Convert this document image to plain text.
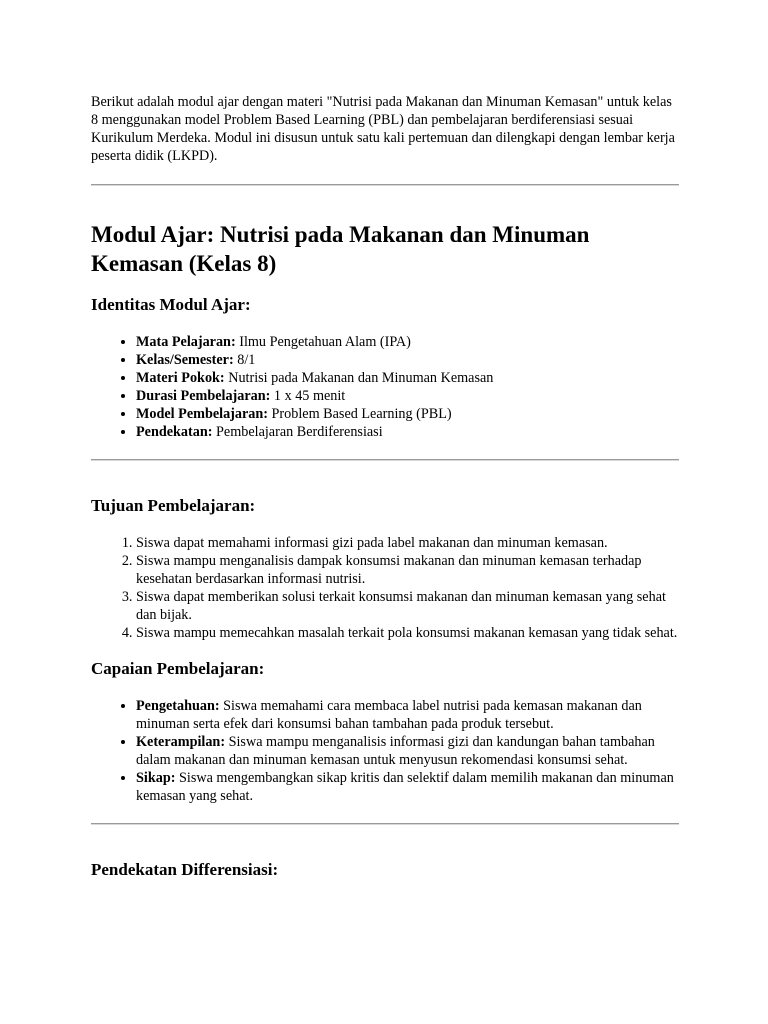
Berikut adalah modul ajar dengan materi "Nutrisi pada Makanan dan Minuman Kemasan" untuk kelas 8 menggunakan model Problem Based Learning (PBL) dan pembelajaran berdiferensiasi sesuai Kurikulum Merdeka. Modul ini disusun untuk satu kali pertemuan dan dilengkapi dengan lembar kerja peserta didik (LKPD).

Modul Ajar: Nutrisi pada Makanan dan Minuman Kemasan (Kelas 8)
Identitas Modul Ajar:
• Mata Pelajaran: Ilmu Pengetahuan Alam (IPA)
• Kelas/Semester: 8/1
• Materi Pokok: Nutrisi pada Makanan dan Minuman Kemasan
• Durasi Pembelajaran: 1 x 45 menit
• Model Pembelajaran: Problem Based Learning (PBL)
• Pendekatan: Pembelajaran Berdiferensiasi
Tujuan Pembelajaran:
1. Siswa dapat memahami informasi gizi pada label makanan dan minuman kemasan.
2. Siswa mampu menganalisis dampak konsumsi makanan dan minuman kemasan terhadap kesehatan berdasarkan informasi nutrisi.
3. Siswa dapat memberikan solusi terkait konsumsi makanan dan minuman kemasan yang sehat dan bijak.
4. Siswa mampu memecahkan masalah terkait pola konsumsi makanan kemasan yang tidak sehat.
Capaian Pembelajaran:
• Pengetahuan: Siswa memahami cara membaca label nutrisi pada kemasan makanan dan minuman serta efek dari konsumsi bahan tambahan pada produk tersebut.
• Keterampilan: Siswa mampu menganalisis informasi gizi dan kandungan bahan tambahan dalam makanan dan minuman kemasan untuk menyusun rekomendasi konsumsi sehat.
• Sikap: Siswa mengembangkan sikap kritis dan selektif dalam memilih makanan dan minuman kemasan yang sehat.
Pendekatan Differensiasi:
